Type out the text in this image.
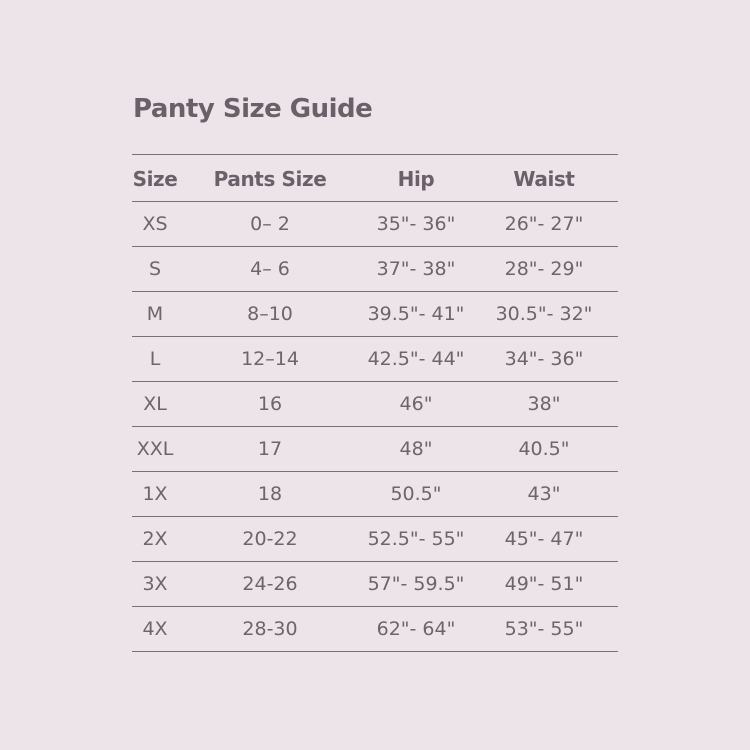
Panty Size Guide
Size	Pants Size	Hip	Waist
XS	0– 2	35"- 36"	26"- 27"
S	4– 6	37"- 38"	28"- 29"
M	8–10	39.5"- 41"	30.5"- 32"
L	12–14	42.5"- 44"	34"- 36"
XL	16	46"	38"
XXL	17	48"	40.5"
1X	18	50.5"	43"
2X	20-22	52.5"- 55"	45"- 47"
3X	24-26	57"- 59.5"	49"- 51"
4X	28-30	62"- 64"	53"- 55"
